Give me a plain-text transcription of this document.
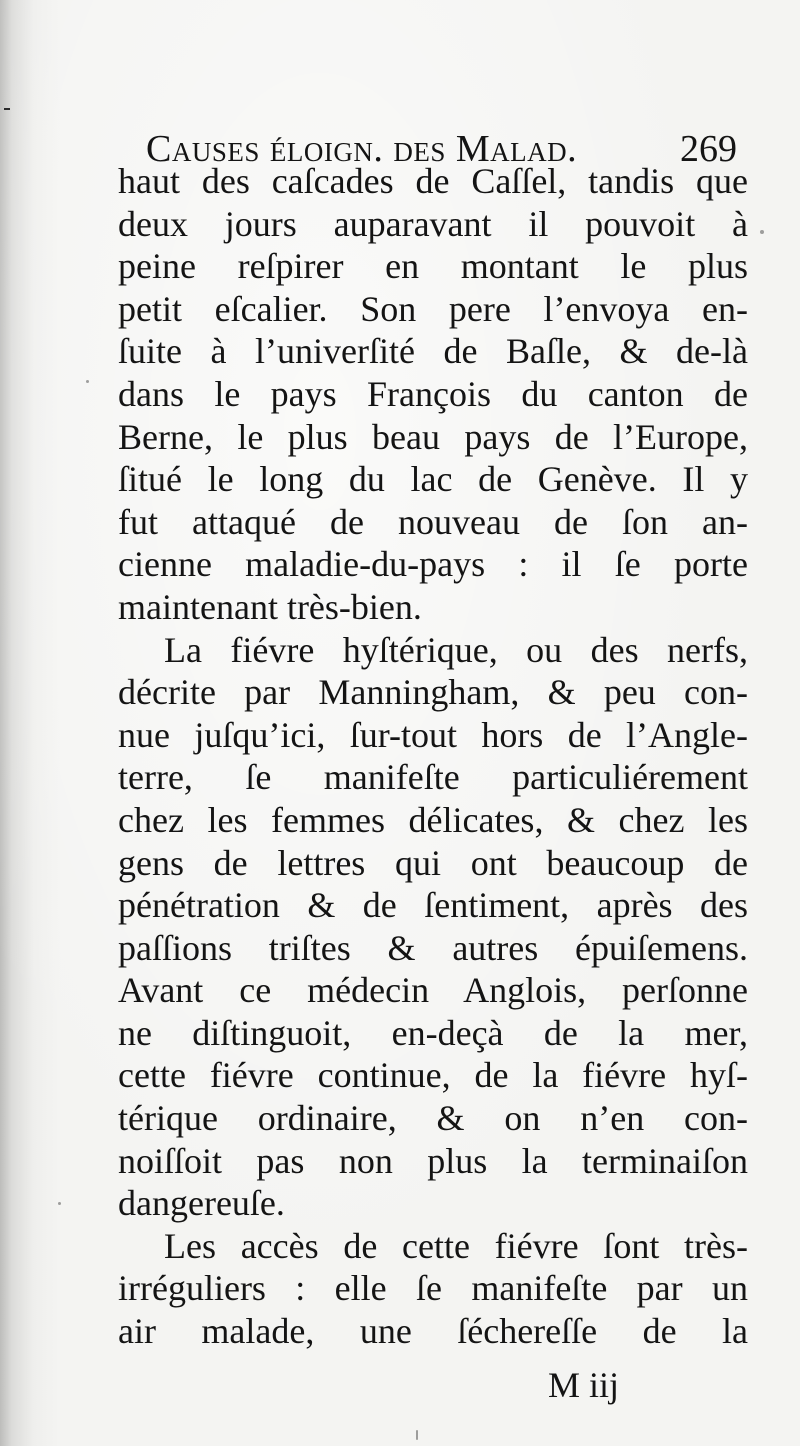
Causes éloign. des Malad.	269
haut des caſcades de Caſſel, tandis que
deux jours auparavant il pouvoit à
peine reſpirer en montant le plus
petit eſcalier. Son pere l’envoya en-
ſuite à l’univerſité de Baſle, & de-là
dans le pays François du canton de
Berne, le plus beau pays de l’Europe,
ſitué le long du lac de Genève. Il y
fut attaqué de nouveau de ſon an-
cienne maladie-du-pays : il ſe porte
maintenant très-bien.
La fiévre hyſtérique, ou des nerfs,
décrite par Manningham, & peu con-
nue juſqu’ici, ſur-tout hors de l’Angle-
terre, ſe manifeſte particuliérement
chez les femmes délicates, & chez les
gens de lettres qui ont beaucoup de
pénétration & de ſentiment, après des
paſſions triſtes & autres épuiſemens.
Avant ce médecin Anglois, perſonne
ne diſtinguoit, en-deçà de la mer,
cette fiévre continue, de la fiévre hyſ-
térique ordinaire, & on n’en con-
noiſſoit pas non plus la terminaiſon
dangereuſe.
Les accès de cette fiévre ſont très-
irréguliers : elle ſe manifeſte par un
air malade, une ſécherеſſe de la
M iij
